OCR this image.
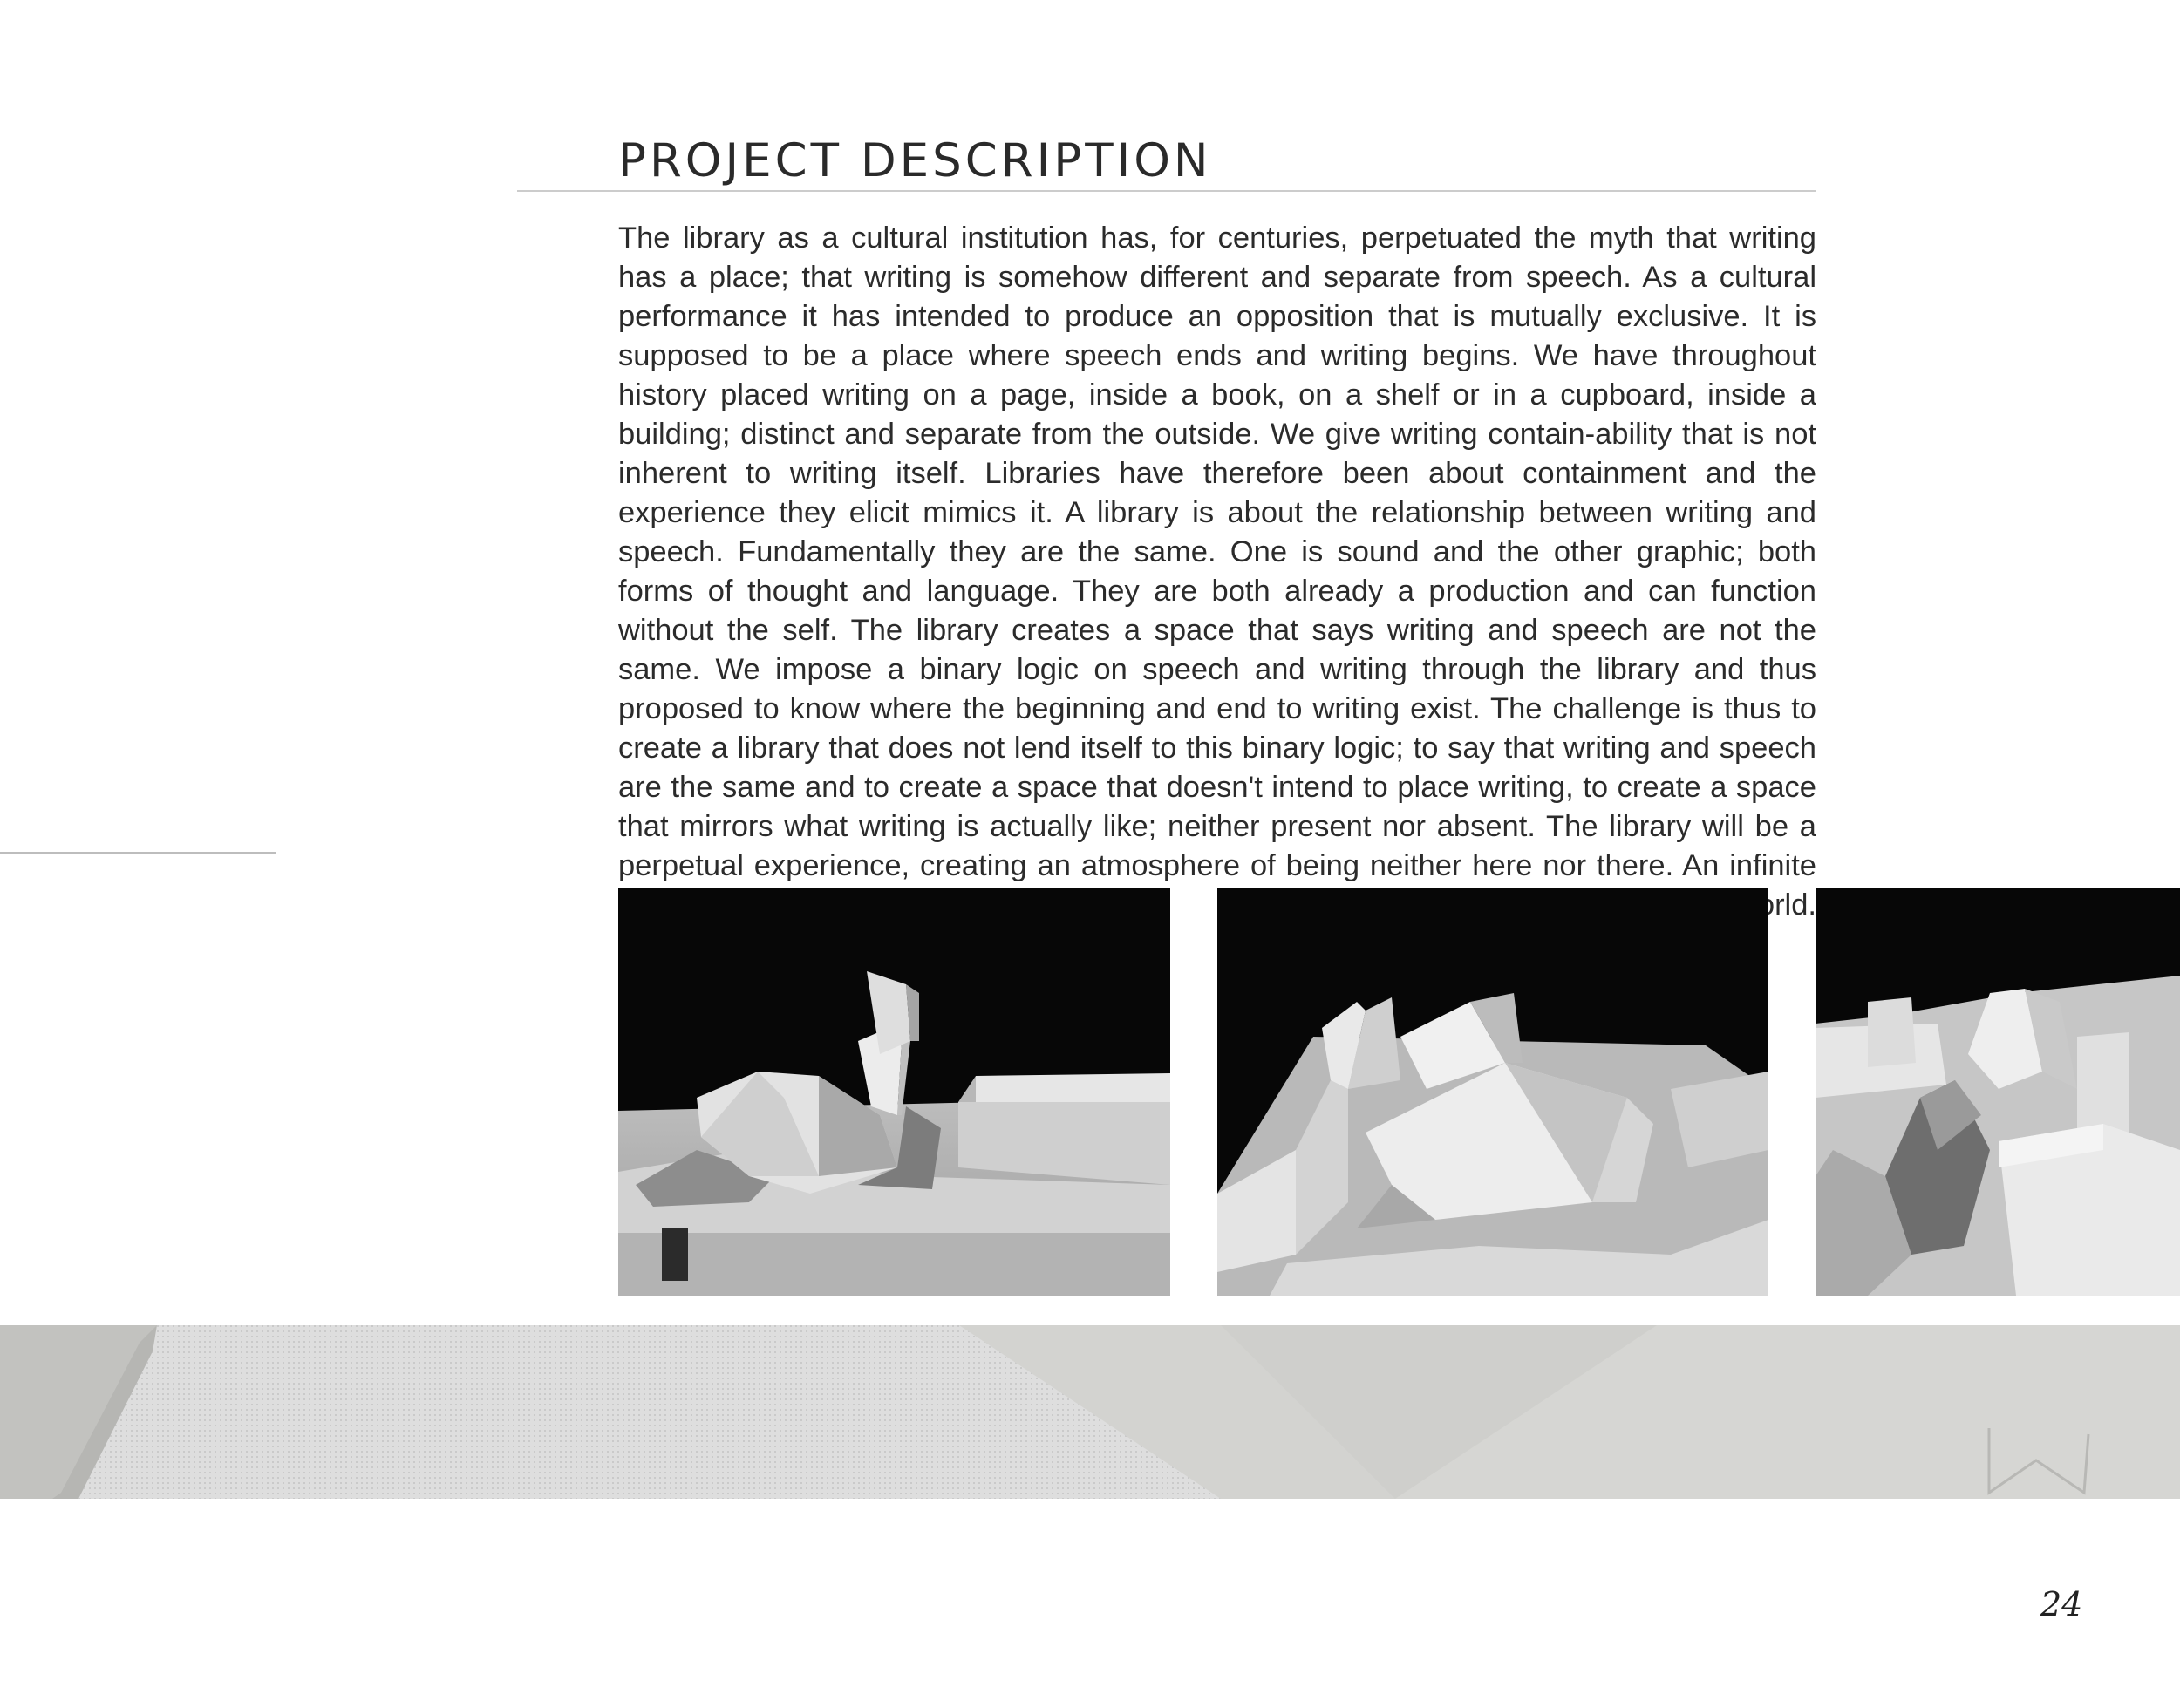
PROJECT DESCRIPTION
The library as a cultural institution has, for centuries, perpetuated the myth that writing has a place; that writing is somehow different and separate from speech. As a cultural performance it has intended to produce an opposition that is mutually exclusive. It is supposed to be a place where speech ends and writing begins. We have throughout history placed writing on a page, inside a book, on a shelf or in a cupboard, inside a building; distinct and separate from the outside. We give writing contain-ability that is not inherent to writing itself. Libraries have therefore been about containment and the experience they elicit mimics it. A library is about the relationship between writing and speech. Fundamentally they are the same. One is sound and the other graphic; both forms of thought and language. They are both already a production and can function without the self. The library creates a space that says writing and speech are not the same. We impose a binary logic on speech and writing through the library and thus proposed to know where the beginning and end to writing exist. The challenge is thus to create a library that does not lend itself to this binary logic; to say that writing and speech are the same and to create a space that doesn't intend to place writing, to create a space that mirrors what writing is actually like; neither present nor absent. The library will be a perpetual experience, creating an atmosphere of being neither here nor there. An infinite world.
24
